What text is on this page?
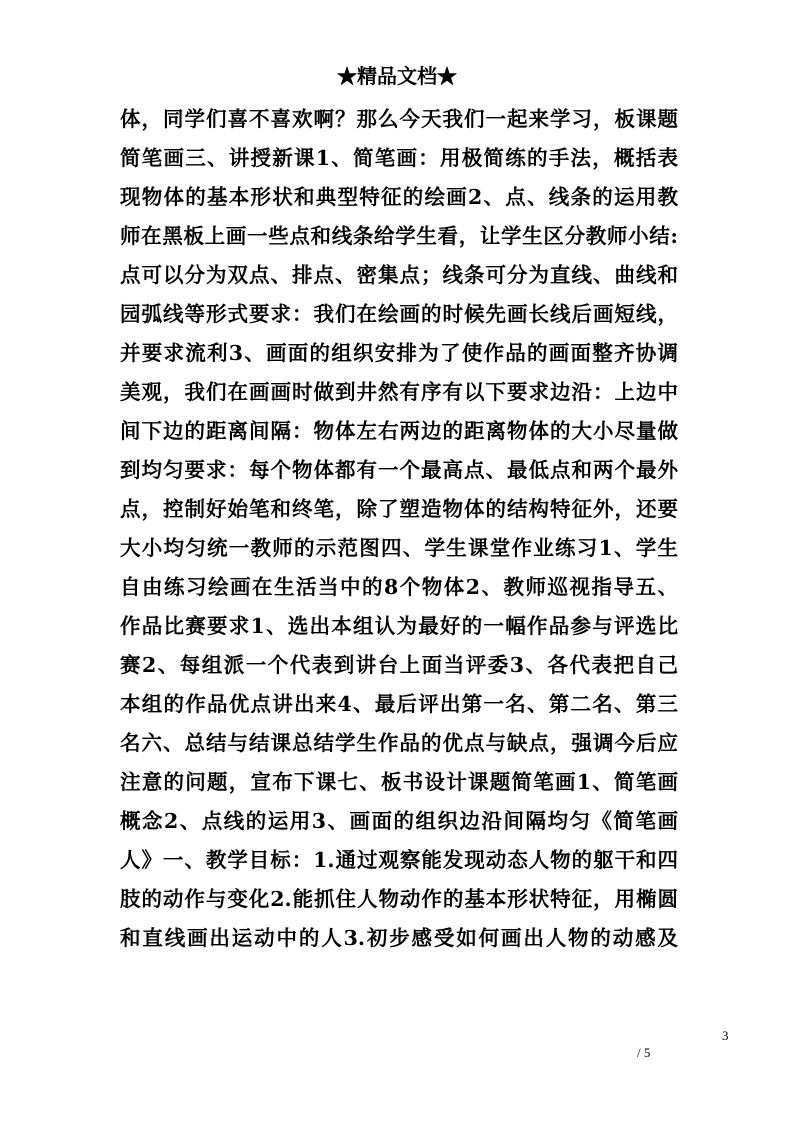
★精品文档★
体，同学们喜不喜欢啊？那么今天我们一起来学习，板课题
简笔画三、讲授新课1、简笔画：用极简练的手法，概括表
现物体的基本形状和典型特征的绘画2、点、线条的运用教
师在黑板上画一些点和线条给学生看，让学生区分教师小结:
点可以分为双点、排点、密集点；线条可分为直线、曲线和
园弧线等形式要求：我们在绘画的时候先画长线后画短线，
并要求流利3、画面的组织安排为了使作品的画面整齐协调
美观，我们在画画时做到井然有序有以下要求边沿：上边中
间下边的距离间隔：物体左右两边的距离物体的大小尽量做
到均匀要求：每个物体都有一个最高点、最低点和两个最外
点，控制好始笔和终笔，除了塑造物体的结构特征外，还要
大小均匀统一教师的示范图四、学生课堂作业练习1、学生
自由练习绘画在生活当中的8个物体2、教师巡视指导五、
作品比赛要求1、选出本组认为最好的一幅作品参与评选比
赛2、每组派一个代表到讲台上面当评委3、各代表把自己
本组的作品优点讲出来4、最后评出第一名、第二名、第三
名六、总结与结课总结学生作品的优点与缺点，强调今后应
注意的问题，宣布下课七、板书设计课题简笔画1、简笔画
概念2、点线的运用3、画面的组织边沿间隔均匀《简笔画
人》一、教学目标：1.通过观察能发现动态人物的躯干和四
肢的动作与变化2.能抓住人物动作的基本形状特征，用椭圆
和直线画出运动中的人3.初步感受如何画出人物的动感及
3
/ 5
